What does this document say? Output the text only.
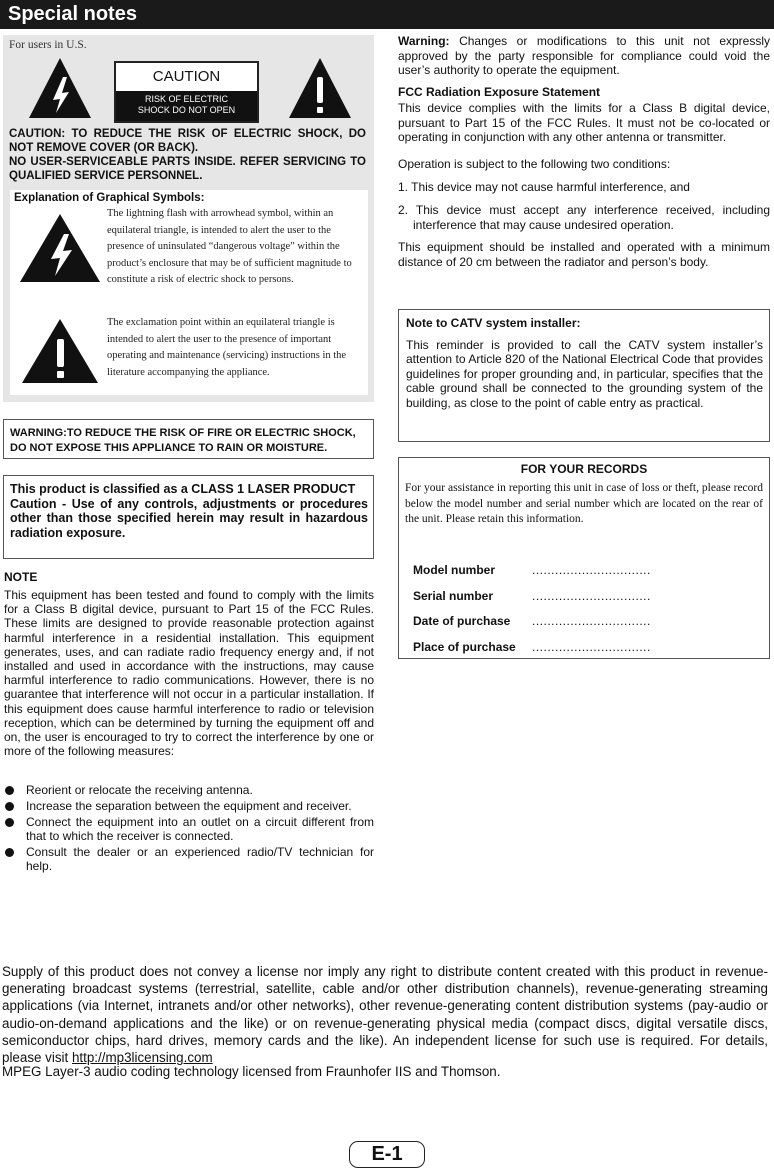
Special notes
For users in U.S.
CAUTION
RISK OF ELECTRIC
SHOCK DO NOT OPEN
CAUTION: TO REDUCE THE RISK OF ELECTRIC SHOCK, DO NOT REMOVE COVER (OR BACK).
NO USER-SERVICEABLE PARTS INSIDE. REFER SERVICING TO QUALIFIED SERVICE PERSONNEL.
Explanation of Graphical Symbols:
The lightning flash with arrowhead symbol, within an equilateral triangle, is intended to alert the user to the presence of uninsulated “dangerous voltage” within the product’s enclosure that may be of sufficient magnitude to constitute a risk of electric shock to persons.
The exclamation point within an equilateral triangle is intended to alert the user to the presence of important operating and maintenance (servicing) instructions in the literature accompanying the appliance.
WARNING:TO REDUCE THE RISK OF FIRE OR ELECTRIC SHOCK, DO NOT EXPOSE THIS APPLIANCE TO RAIN OR MOISTURE.
This product is classified as a CLASS 1 LASER PRODUCT
Caution - Use of any controls, adjustments or procedures other than those specified herein may result in hazardous radiation exposure.
NOTE
This equipment has been tested and found to comply with the limits for a Class B digital device, pursuant to Part 15 of the FCC Rules. These limits are designed to provide reasonable protection against harmful interference in a residential installation. This equipment generates, uses, and can radiate radio frequency energy and, if not installed and used in accordance with the instructions, may cause harmful interference to radio communications. However, there is no guarantee that interference will not occur in a particular installation. If this equipment does cause harmful interference to radio or television reception, which can be determined by turning the equipment off and on, the user is encouraged to try to correct the interference by one or more of the following measures:
Reorient or relocate the receiving antenna.
Increase the separation between the equipment and receiver.
Connect the equipment into an outlet on a circuit different from that to which the receiver is connected.
Consult the dealer or an experienced radio/TV technician for help.
Warning: Changes or modifications to this unit not expressly approved by the party responsible for compliance could void the user’s authority to operate the equipment.
FCC Radiation Exposure Statement
This device complies with the limits for a Class B digital device, pursuant to Part 15 of the FCC Rules. It must not be co-located or operating in conjunction with any other antenna or transmitter.
Operation is subject to the following two conditions:
1. This device may not cause harmful interference, and
2. This device must accept any interference received, including interference that may cause undesired operation.
This equipment should be installed and operated with a minimum distance of 20 cm between the radiator and person’s body.
Note to CATV system installer:
This reminder is provided to call the CATV system installer’s attention to Article 820 of the National Electrical Code that provides guidelines for proper grounding and, in particular, specifies that the cable ground shall be connected to the grounding system of the building, as close to the point of cable entry as practical.
FOR YOUR RECORDS
For your assistance in reporting this unit in case of loss or theft, please record below the model number and serial number which are located on the rear of the unit. Please retain this information.
Model number	...............................
Serial number	...............................
Date of purchase ...............................
Place of purchase ...............................
Supply of this product does not convey a license nor imply any right to distribute content created with this product in revenue-generating broadcast systems (terrestrial, satellite, cable and/or other distribution channels), revenue-generating streaming applications (via Internet, intranets and/or other networks), other revenue-generating content distribution systems (pay-audio or audio-on-demand applications and the like) or on revenue-generating physical media (compact discs, digital versatile discs, semiconductor chips, hard drives, memory cards and the like). An independent license for such use is required. For details, please visit http://mp3licensing.com
MPEG Layer-3 audio coding technology licensed from Fraunhofer IIS and Thomson.
E-1
